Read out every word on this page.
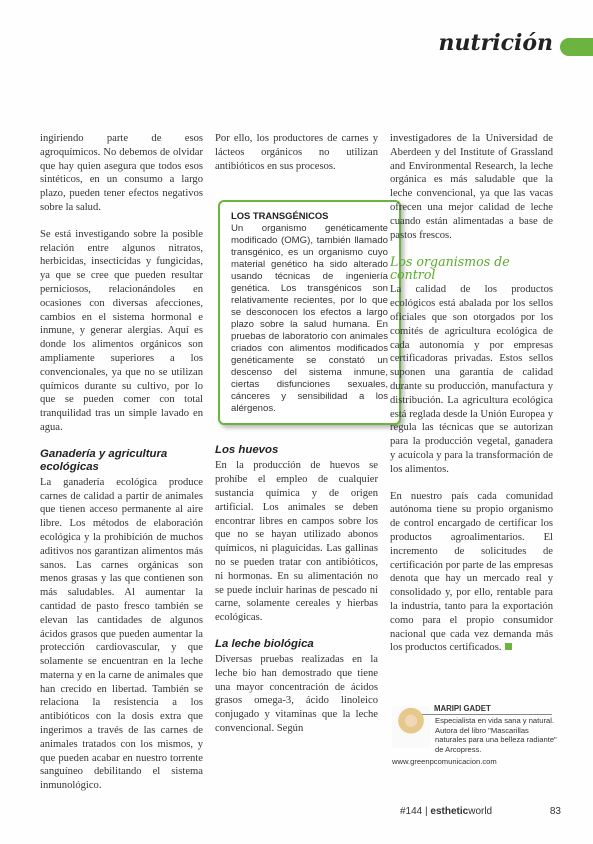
nutrición

ingiriendo parte de esos agroquímicos. No debemos de olvidar que hay quien asegura que todos esos sintéticos, en un consumo a largo plazo, pueden tener efectos negativos sobre la salud.

Se está investigando sobre la posible relación entre algunos nitratos, herbicidas, insecticidas y fungicidas, ya que se cree que pueden resultar perniciosos, relacionándoles en ocasiones con diversas afecciones, cambios en el sistema hormonal e inmune, y generar alergias. Aquí es donde los alimentos orgánicos son ampliamente superiores a los convencionales, ya que no se utilizan químicos durante su cultivo, por lo que se pueden comer con total tranquilidad tras un simple lavado en agua.

Ganadería y agricultura ecológicas

La ganadería ecológica produce carnes de calidad a partir de animales que tienen acceso permanente al aire libre. Los métodos de elaboración ecológica y la prohibición de muchos aditivos nos garantizan alimentos más sanos. Las carnes orgánicas son menos grasas y las que contienen son más saludables. Al aumentar la cantidad de pasto fresco también se elevan las cantidades de algunos ácidos grasos que pueden aumentar la protección cardiovascular, y que solamente se encuentran en la leche materna y en la carne de animales que han crecido en libertad. También se relaciona la resistencia a los antibióticos con la dosis extra que ingerimos a través de las carnes de animales tratados con los mismos, y que pueden acabar en nuestro torrente sanguíneo debilitando el sistema inmunológico.

Por ello, los productores de carnes y lácteos orgánicos no utilizan antibióticos en sus procesos.

Los huevos

En la producción de huevos se prohíbe el empleo de cualquier sustancia química y de origen artificial. Los animales se deben encontrar libres en campos sobre los que no se hayan utilizado abonos químicos, ni plaguicidas. Las gallinas no se pueden tratar con antibióticos, ni hormonas. En su alimentación no se puede incluir harinas de pescado ni carne, solamente cereales y hierbas ecológicas.

La leche biológica

Diversas pruebas realizadas en la leche bio han demostrado que tiene una mayor concentración de ácidos grasos omega-3, ácido linoleico conjugado y vitaminas que la leche convencional. Según

LOS TRANSGÉNICOS

Un organismo genéticamente modificado (OMG), también llamado transgénico, es un organismo cuyo material genético ha sido alterado usando técnicas de ingeniería genética. Los transgénicos son relativamente recientes, por lo que se desconocen los efectos a largo plazo sobre la salud humana. En pruebas de laboratorio con animales criados con alimentos modificados genéticamente se constató un descenso del sistema inmune, ciertas disfunciones sexuales, cánceres y sensibilidad a los alérgenos.

investigadores de la Universidad de Aberdeen y del Institute of Grassland and Environmental Research, la leche orgánica es más saludable que la leche convencional, ya que las vacas ofrecen una mejor calidad de leche cuando están alimentadas a base de pastos frescos.

Los organismos de control

La calidad de los productos ecológicos está abalada por los sellos oficiales que son otorgados por los comités de agricultura ecológica de cada autonomía y por empresas certificadoras privadas. Estos sellos suponen una garantía de calidad durante su producción, manufactura y distribución. La agricultura ecológica está reglada desde la Unión Europea y regula las técnicas que se autorizan para la producción vegetal, ganadera y acuícola y para la transformación de los alimentos.

En nuestro país cada comunidad autónoma tiene su propio organismo de control encargado de certificar los productos agroalimentarios. El incremento de solicitudes de certificación por parte de las empresas denota que hay un mercado real y consolidado y, por ello, rentable para la industria, tanto para la exportación como para el propio consumidor nacional que cada vez demanda más los productos certificados.

MARIPI GADET
Especialista en vida sana y natural. Autora del libro "Mascarillas naturales para una belleza radiante" de Arcopress.
www.greenpcomunicacion.com
#144 | estheticworld	83
